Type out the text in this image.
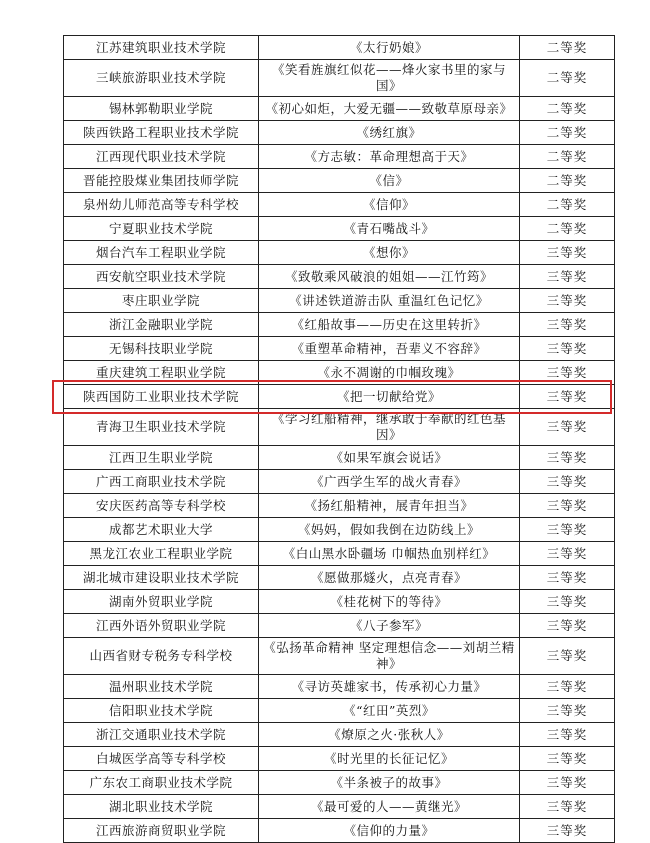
江苏建筑职业技术学院	《太行奶娘》	二等奖
三峡旅游职业技术学院	《笑看旌旗红似花——烽火家书里的家与国》	二等奖
锡林郭勒职业学院	《初心如炬，大爱无疆——致敬草原母亲》	二等奖
陕西铁路工程职业技术学院	《绣红旗》	二等奖
江西现代职业技术学院	《方志敏：革命理想高于天》	二等奖
晋能控股煤业集团技师学院	《信》	二等奖
泉州幼儿师范高等专科学校	《信仰》	二等奖
宁夏职业技术学院	《青石嘴战斗》	二等奖
烟台汽车工程职业学院	《想你》	三等奖
西安航空职业技术学院	《致敬乘风破浪的姐姐——江竹筠》	三等奖
枣庄职业学院	《讲述铁道游击队 重温红色记忆》	三等奖
浙江金融职业学院	《红船故事——历史在这里转折》	三等奖
无锡科技职业学院	《重塑革命精神，吾辈义不容辞》	三等奖
重庆建筑工程职业学院	《永不凋谢的巾帼玫瑰》	三等奖
陕西国防工业职业技术学院	《把一切献给党》	三等奖
青海卫生职业技术学院	《学习红船精神，继承敢于奉献的红色基因》	三等奖
江西卫生职业学院	《如果军旗会说话》	三等奖
广西工商职业技术学院	《广西学生军的战火青春》	三等奖
安庆医药高等专科学校	《扬红船精神，展青年担当》	三等奖
成都艺术职业大学	《妈妈，假如我倒在边防线上》	三等奖
黑龙江农业工程职业学院	《白山黑水卧疆场 巾帼热血别样红》	三等奖
湖北城市建设职业技术学院	《愿做那燧火，点亮青春》	三等奖
湖南外贸职业学院	《桂花树下的等待》	三等奖
江西外语外贸职业学院	《八子参军》	三等奖
山西省财专税务专科学校	《弘扬革命精神 坚定理想信念——刘胡兰精神》	三等奖
温州职业技术学院	《寻访英雄家书，传承初心力量》	三等奖
信阳职业技术学院	《“红田”英烈》	三等奖
浙江交通职业技术学院	《燎原之火·张秋人》	三等奖
白城医学高等专科学校	《时光里的长征记忆》	三等奖
广东农工商职业技术学院	《半条被子的故事》	三等奖
湖北职业技术学院	《最可爱的人——黄继光》	三等奖
江西旅游商贸职业学院	《信仰的力量》	三等奖
